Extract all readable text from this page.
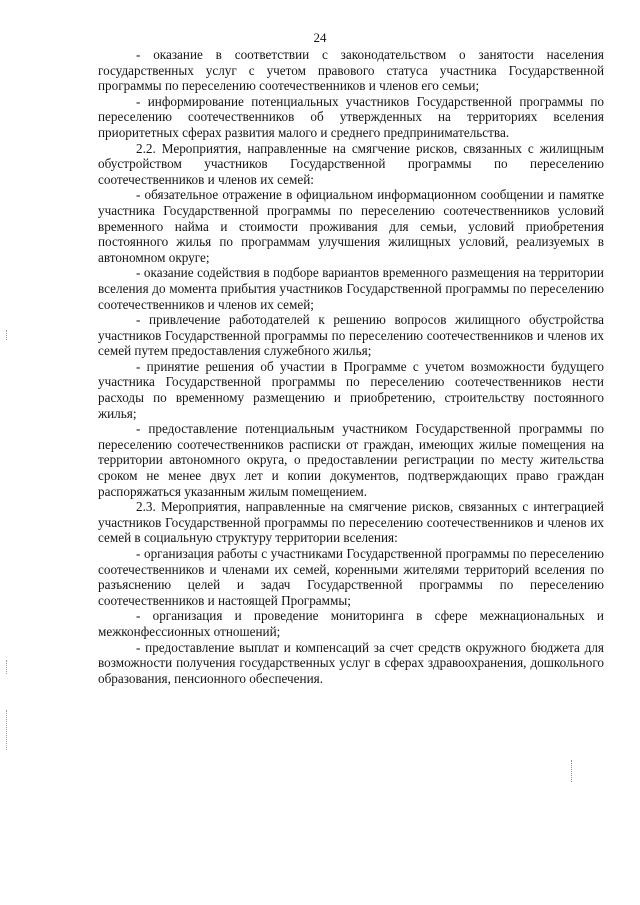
24

- оказание в соответствии с законодательством о занятости населения государственных услуг с учетом правового статуса участника Государственной программы по переселению соотечественников и членов его семьи;

- информирование потенциальных участников Государственной программы по переселению соотечественников об утвержденных на территориях вселения приоритетных сферах развития малого и среднего предпринимательства.

2.2. Мероприятия, направленные на смягчение рисков, связанных с жилищным обустройством участников Государственной программы по переселению соотечественников и членов их семей:

- обязательное отражение в официальном информационном сообщении и памятке участника Государственной программы по переселению соотечественников условий временного найма и стоимости проживания для семьи, условий приобретения постоянного жилья по программам улучшения жилищных условий, реализуемых в автономном округе;

- оказание содействия в подборе вариантов временного размещения на территории вселения до момента прибытия участников Государственной программы по переселению соотечественников и членов их семей;

- привлечение работодателей к решению вопросов жилищного обустройства участников Государственной программы по переселению соотечественников и членов их семей путем предоставления служебного жилья;

- принятие решения об участии в Программе с учетом возможности будущего участника Государственной программы по переселению соотечественников нести расходы по временному размещению и приобретению, строительству постоянного жилья;

- предоставление потенциальным участником Государственной программы по переселению соотечественников расписки от граждан, имеющих жилые помещения на территории автономного округа, о предоставлении регистрации по месту жительства сроком не менее двух лет и копии документов, подтверждающих право граждан распоряжаться указанным жилым помещением.

2.3. Мероприятия, направленные на смягчение рисков, связанных с интеграцией участников Государственной программы по переселению соотечественников и членов их семей в социальную структуру территории вселения:

- организация работы с участниками Государственной программы по переселению соотечественников и членами их семей, коренными жителями территорий вселения по разъяснению целей и задач Государственной программы по переселению соотечественников и настоящей Программы;

- организация и проведение мониторинга в сфере межнациональных и межконфессионных отношений;

- предоставление выплат и компенсаций за счет средств окружного бюджета для возможности получения государственных услуг в сферах здравоохранения, дошкольного образования, пенсионного обеспечения.
